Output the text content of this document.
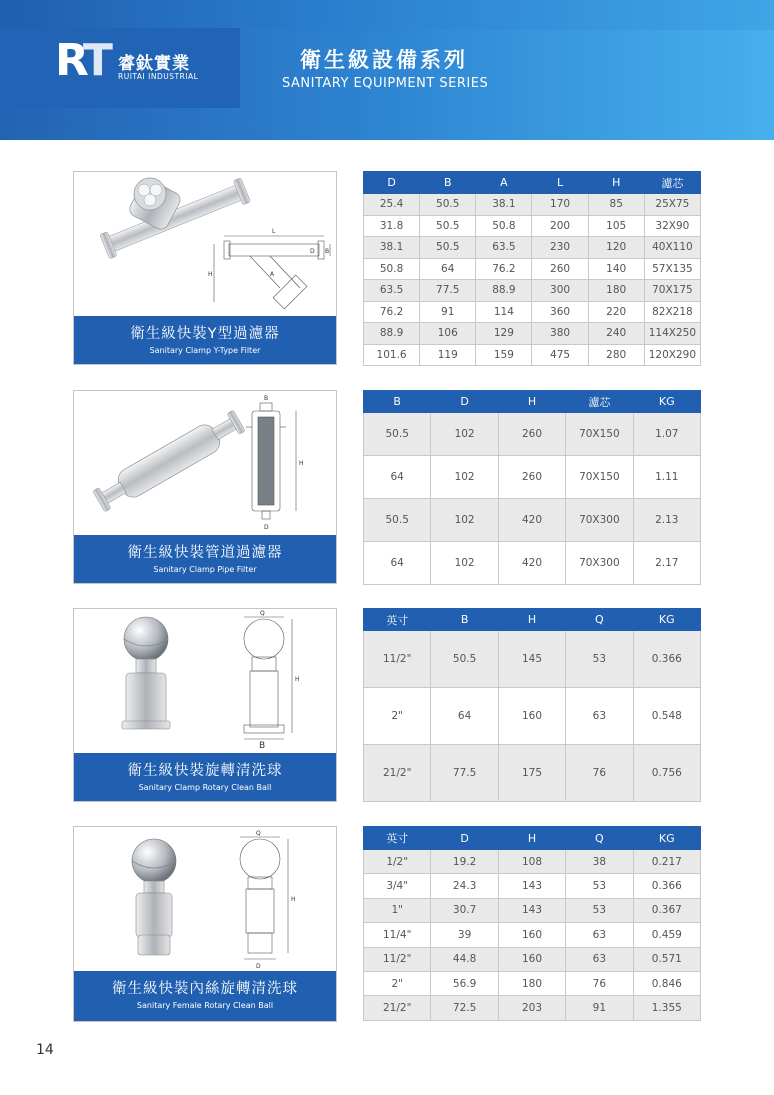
RT 睿鈦實業
RUITAI INDUSTRIAL
衛生級設備系列
SANITARY EQUIPMENT SERIES
L
D B
H	A
衛生級快裝Y型過濾器
Sanitary Clamp Y-Type Filter
D	B	A	L	H	濾芯
25.4	50.5	38.1	170	85	25X75
31.8	50.5	50.8	200	105	32X90
38.1	50.5	63.5	230	120	40X110
50.8	64	76.2	260	140	57X135
63.5	77.5	88.9	300	180	70X175
76.2	91	114	360	220	82X218
88.9	106	129	380	240	114X250
101.6	119	159	475	280	120X290
B
H
D
衛生級快裝管道過濾器
Sanitary Clamp Pipe Filter
B	D	H	濾芯	KG
50.5	102	260	70X150	1.07
64	102	260	70X150	1.11
50.5	102	420	70X300	2.13
64	102	420	70X300	2.17
Q
H
B
衛生級快裝旋轉清洗球
Sanitary Clamp Rotary Clean Ball
英寸	B	H	Q	KG
11/2"	50.5	145	53	0.366
2"	64	160	63	0.548
21/2"	77.5	175	76	0.756
Q
H
D
衛生級快裝內絲旋轉清洗球
Sanitary Female Rotary Clean Ball
英寸	D	H	Q	KG
1/2"	19.2	108	38	0.217
3/4"	24.3	143	53	0.366
1"	30.7	143	53	0.367
11/4"	39	160	63	0.459
11/2"	44.8	160	63	0.571
2"	56.9	180	76	0.846
21/2"	72.5	203	91	1.355
14
